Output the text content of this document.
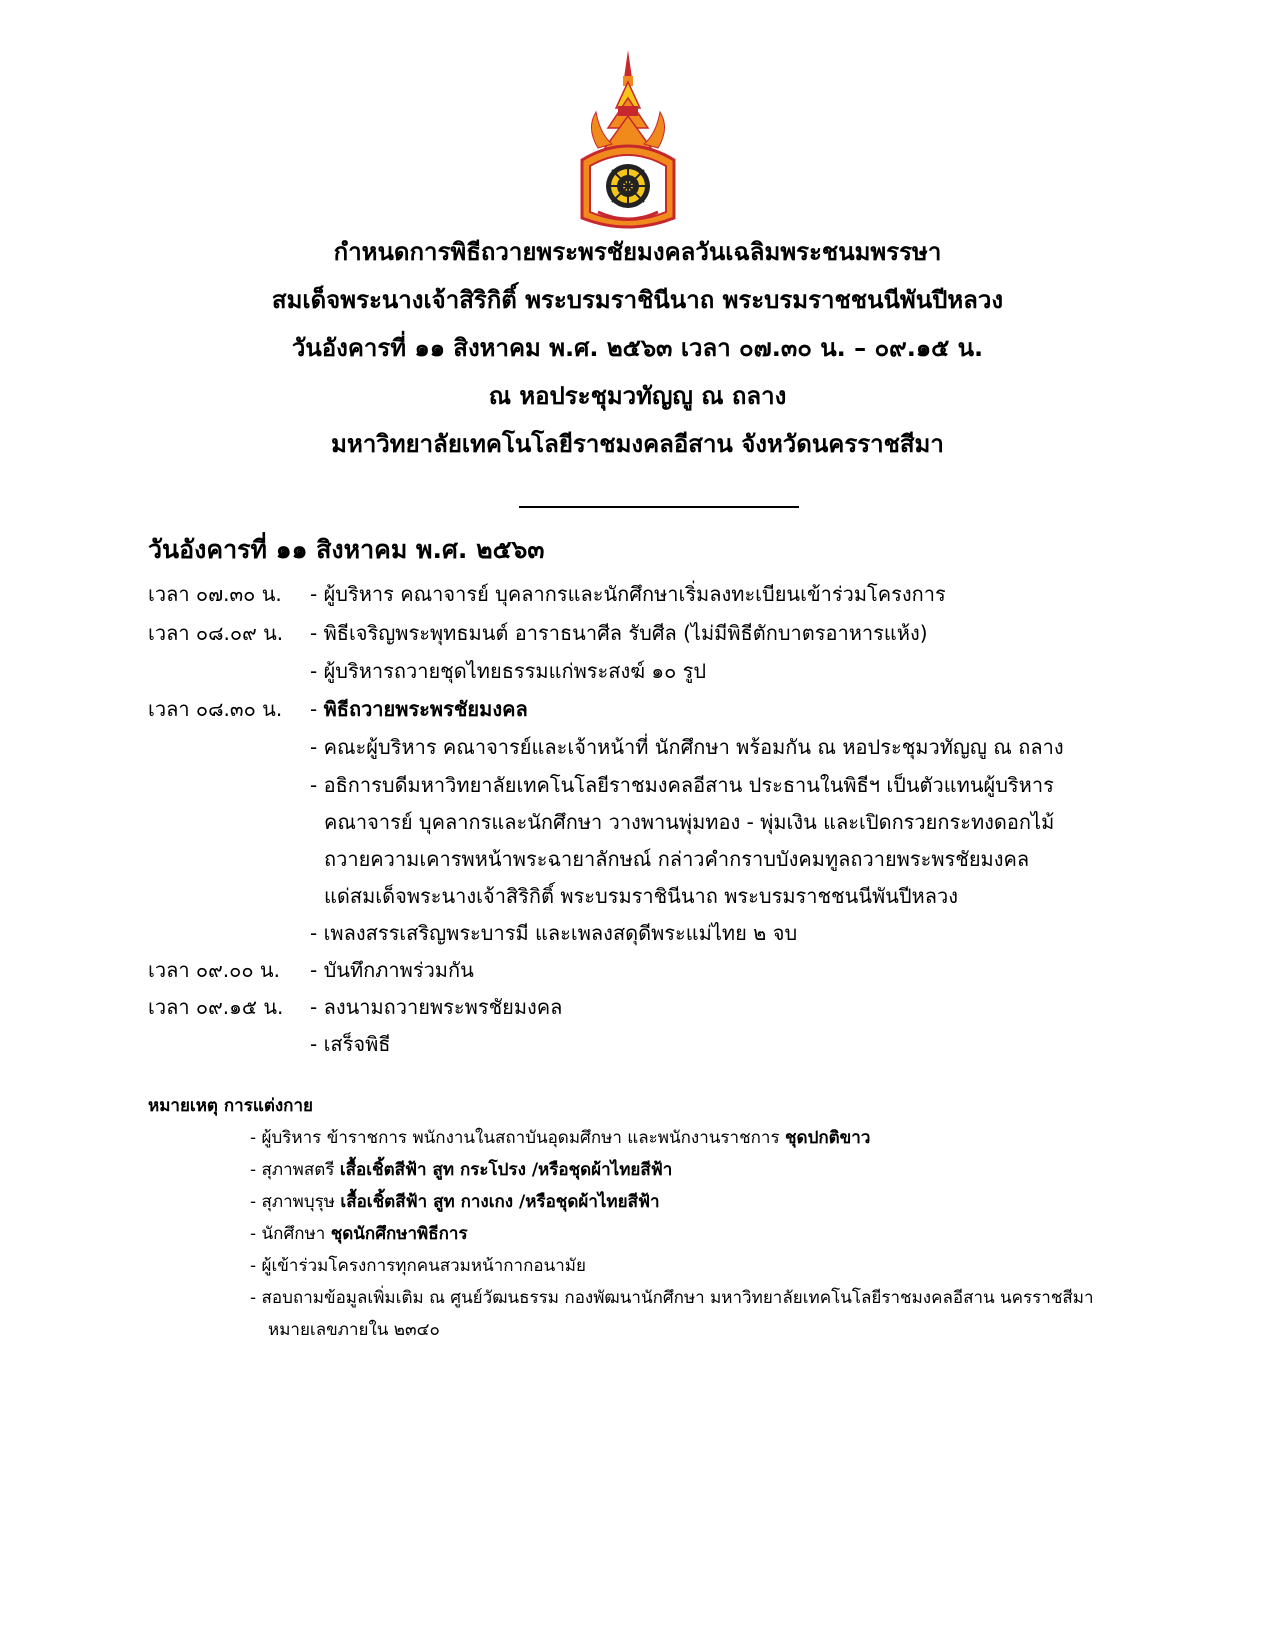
กำหนดการพิธีถวายพระพรชัยมงคลวันเฉลิมพระชนมพรรษา
สมเด็จพระนางเจ้าสิริกิติ์ พระบรมราชินีนาถ พระบรมราชชนนีพันปีหลวง
วันอังคารที่ ๑๑ สิงหาคม พ.ศ. ๒๕๖๓ เวลา ๐๗.๓๐ น. – ๐๙.๑๕ น.
ณ หอประชุมวทัญญู ณ ถลาง
มหาวิทยาลัยเทคโนโลยีราชมงคลอีสาน จังหวัดนครราชสีมา
วันอังคารที่ ๑๑ สิงหาคม พ.ศ. ๒๕๖๓
เวลา ๐๗.๓๐ น. - ผู้บริหาร คณาจารย์ บุคลากรและนักศึกษาเริ่มลงทะเบียนเข้าร่วมโครงการ
เวลา ๐๘.๐๙ น. - พิธีเจริญพระพุทธมนต์ อาราธนาศีล รับศีล (ไม่มีพิธีตักบาตรอาหารแห้ง)
- ผู้บริหารถวายชุดไทยธรรมแก่พระสงฆ์ ๑๐ รูป
เวลา ๐๘.๓๐ น. - พิธีถวายพระพรชัยมงคล
- คณะผู้บริหาร คณาจารย์และเจ้าหน้าที่ นักศึกษา พร้อมกัน ณ หอประชุมวทัญญู ณ ถลาง
- อธิการบดีมหาวิทยาลัยเทคโนโลยีราชมงคลอีสาน ประธานในพิธีฯ เป็นตัวแทนผู้บริหาร
คณาจารย์ บุคลากรและนักศึกษา วางพานพุ่มทอง - พุ่มเงิน และเปิดกรวยกระทงดอกไม้
ถวายความเคารพหน้าพระฉายาลักษณ์ กล่าวคำกราบบังคมทูลถวายพระพรชัยมงคล
แด่สมเด็จพระนางเจ้าสิริกิติ์ พระบรมราชินีนาถ พระบรมราชชนนีพันปีหลวง
- เพลงสรรเสริญพระบารมี และเพลงสดุดีพระแม่ไทย ๒ จบ
เวลา ๐๙.๐๐ น. - บันทึกภาพร่วมกัน
เวลา ๐๙.๑๕ น. - ลงนามถวายพระพรชัยมงคล
- เสร็จพิธี
หมายเหตุ การแต่งกาย
- ผู้บริหาร ข้าราชการ พนักงานในสถาบันอุดมศึกษา และพนักงานราชการ ชุดปกติขาว
- สุภาพสตรี เสื้อเชิ้ตสีฟ้า สูท กระโปรง /หรือชุดผ้าไทยสีฟ้า
- สุภาพบุรุษ เสื้อเชิ้ตสีฟ้า สูท กางเกง /หรือชุดผ้าไทยสีฟ้า
- นักศึกษา ชุดนักศึกษาพิธีการ
- ผู้เข้าร่วมโครงการทุกคนสวมหน้ากากอนามัย
- สอบถามข้อมูลเพิ่มเติม ณ ศูนย์วัฒนธรรม กองพัฒนานักศึกษา มหาวิทยาลัยเทคโนโลยีราชมงคลอีสาน นครราชสีมา
หมายเลขภายใน ๒๓๔๐
